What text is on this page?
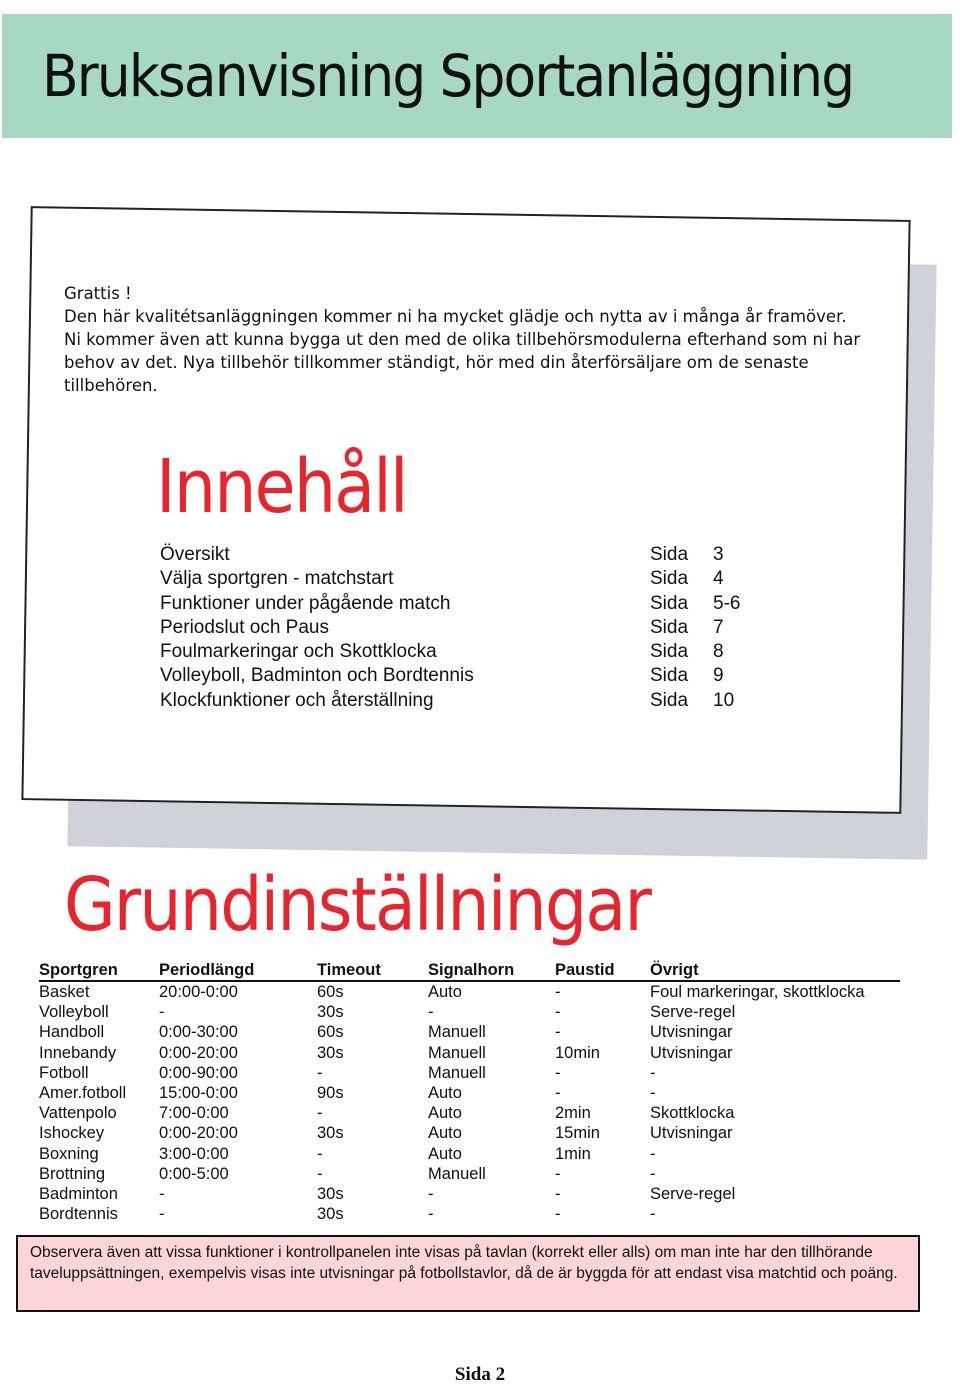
Bruksanvisning Sportanläggning

Grattis !

Den här kvalitétsanläggningen kommer ni ha mycket glädje och nytta av i många år framöver. Ni kommer även att kunna bygga ut den med de olika tillbehörsmodulerna efterhand som ni har behov av det. Nya tillbehör tillkommer ständigt, hör med din återförsäljare om de senaste tillbehören.

Innehåll
Översikt	Sida 3
Välja sportgren - matchstart	Sida 4
Funktioner under pågående match	Sida 5-6
Periodslut och Paus	Sida 7
Foulmarkeringar och Skottklocka	Sida 8
Volleyboll, Badminton och Bordtennis	Sida 9
Klockfunktioner och återställning	Sida 10
Grundinställningar
Sportgren	Periodlängd	Timeout	Signalhorn	Paustid	Övrigt
Basket	20:00-0:00	60s	Auto	-	Foul markeringar, skottklocka
Volleyboll	-	30s	-	-	Serve-regel
Handboll	0:00-30:00	60s	Manuell	-	Utvisningar
Innebandy	0:00-20:00	30s	Manuell	10min	Utvisningar
Fotboll	0:00-90:00	-	Manuell	-	-
Amer.fotboll	15:00-0:00	90s	Auto	-	-
Vattenpolo	7:00-0:00	-	Auto	2min	Skottklocka
Ishockey	0:00-20:00	30s	Auto	15min	Utvisningar
Boxning	3:00-0:00	-	Auto	1min	-
Brottning	0:00-5:00	-	Manuell	-	-
Badminton	-	30s	-	-	Serve-regel
Bordtennis	-	30s	-	-	-
Observera även att vissa funktioner i kontrollpanelen inte visas på tavlan (korrekt eller alls) om man inte har den tillhörande taveluppsättningen, exempelvis visas inte utvisningar på fotbollstavlor, då de är byggda för att endast visa matchtid och poäng.
Sida 2
